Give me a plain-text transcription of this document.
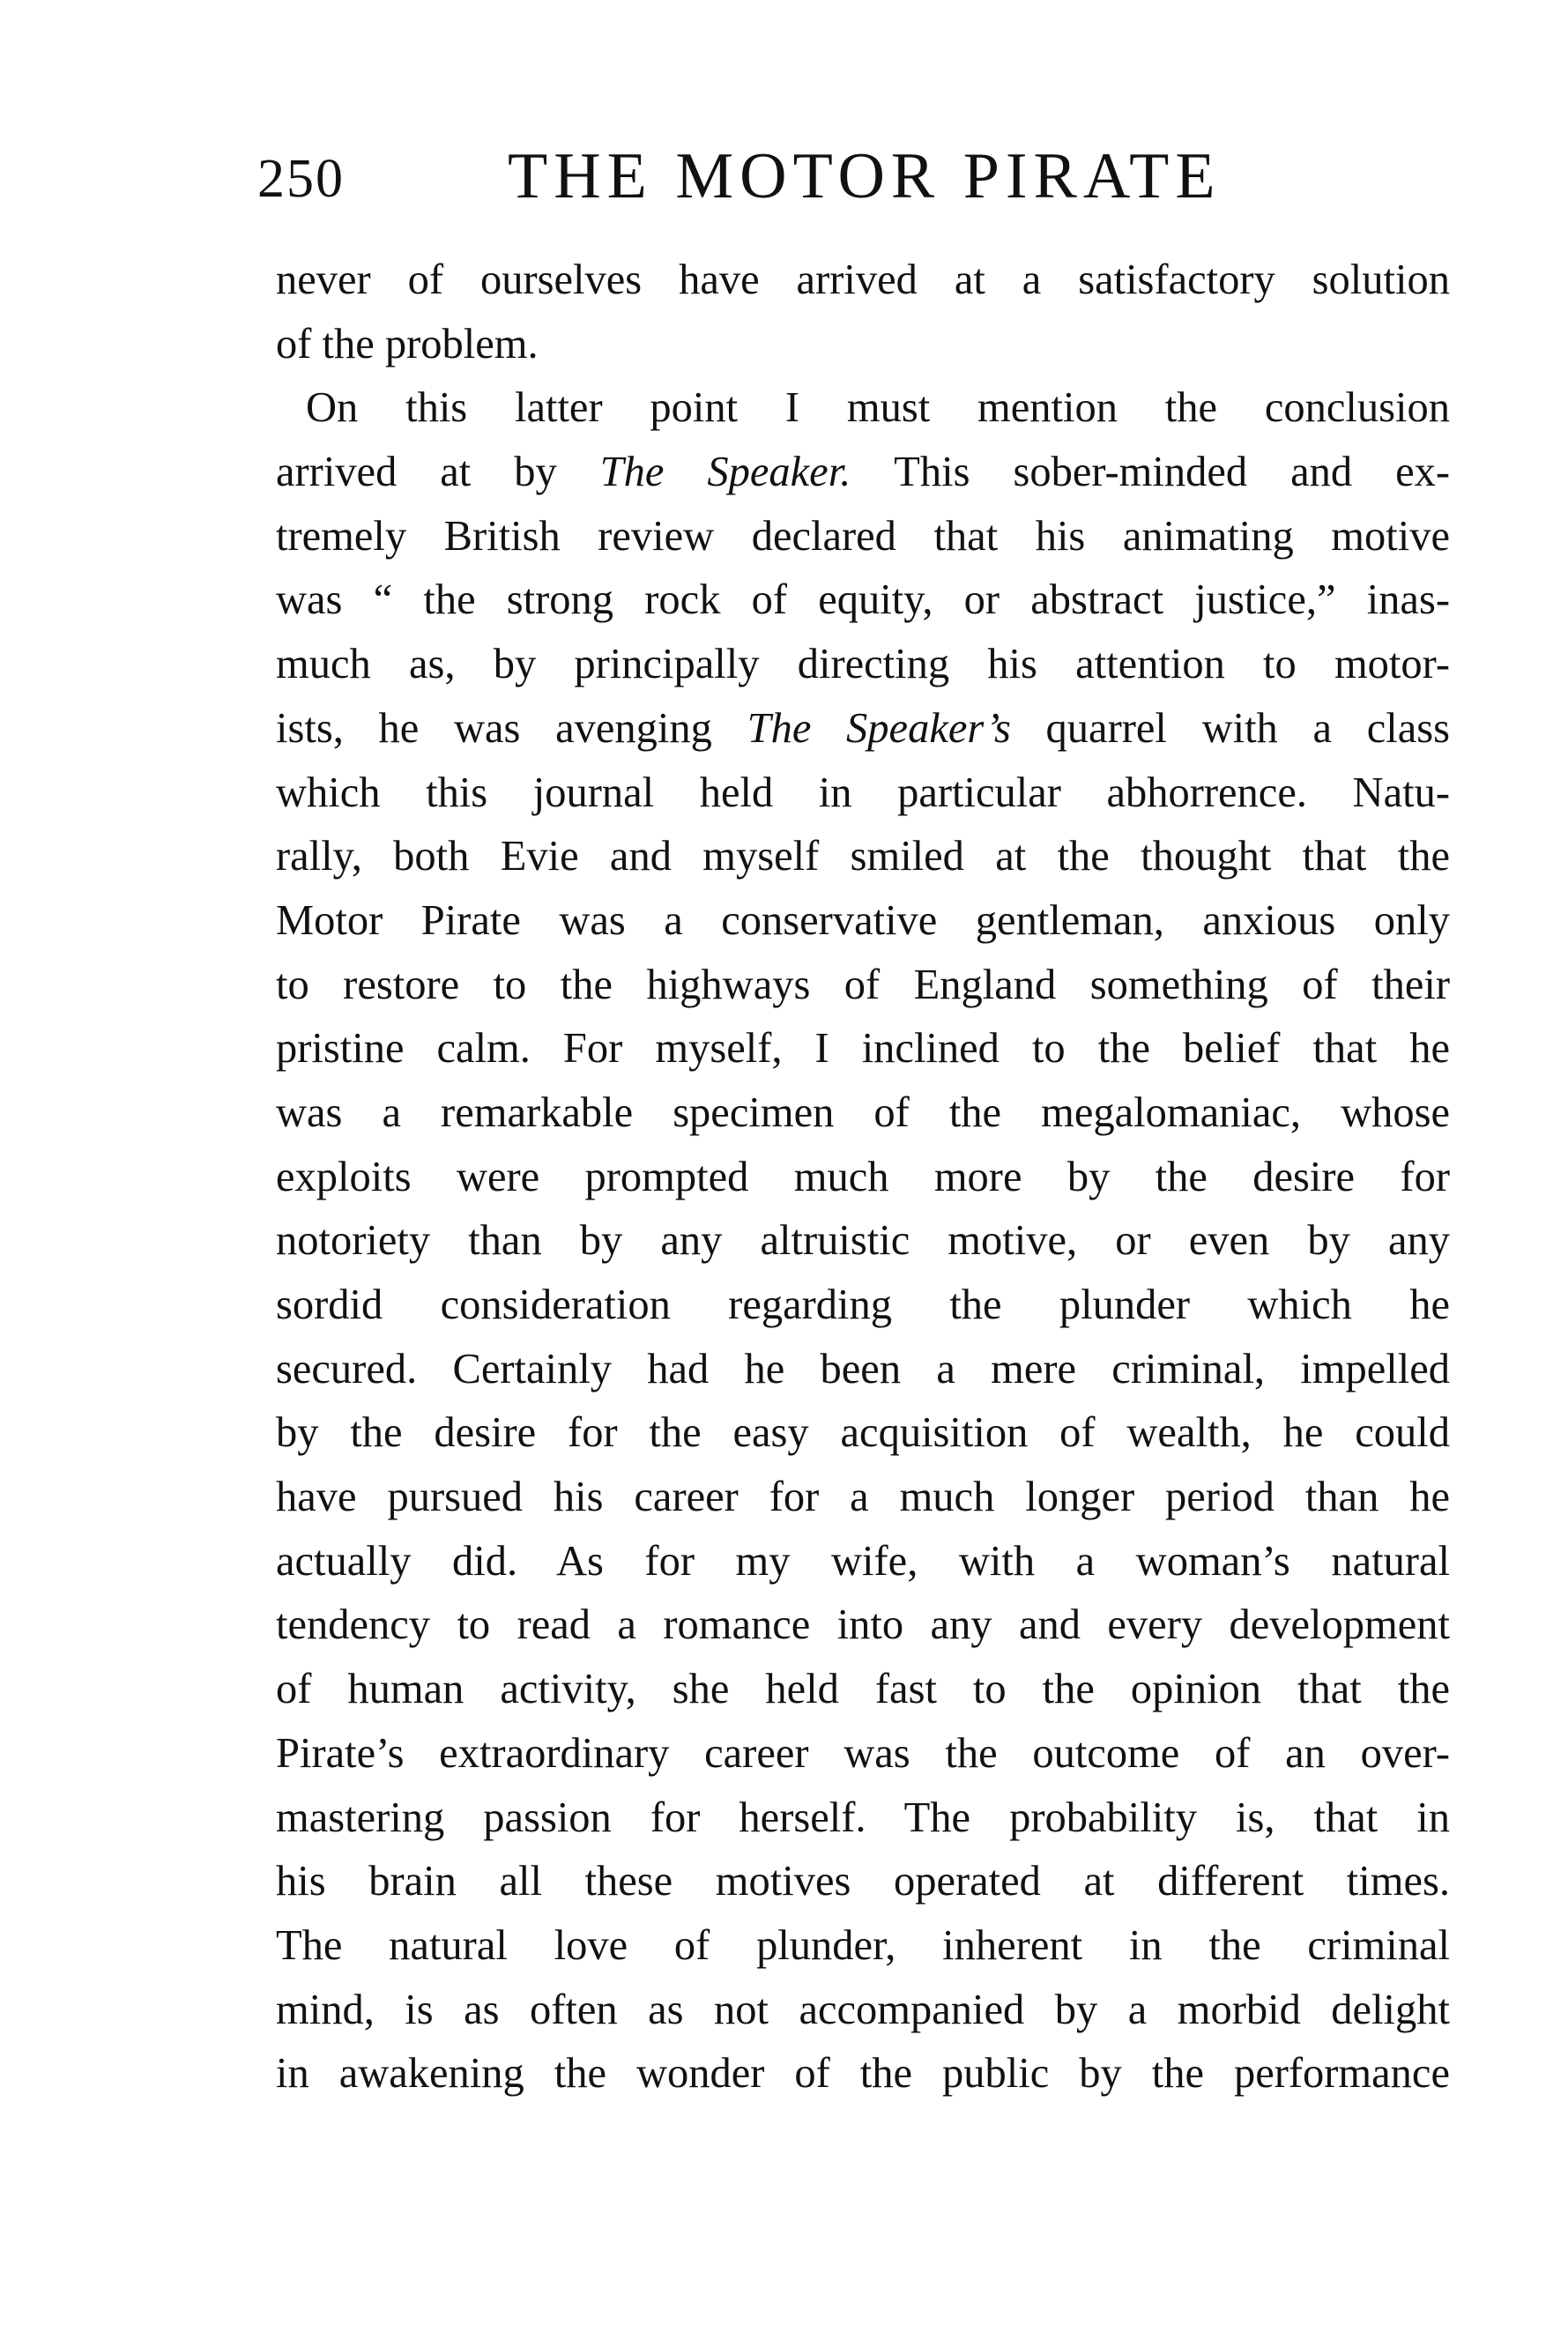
250	THE MOTOR PIRATE
never of ourselves have arrived at a satisfactory solution
of the problem.
On this latter point I must mention the conclusion
arrived at by The Speaker. This sober-minded and ex-
tremely British review declared that his animating motive
was “ the strong rock of equity, or abstract justice,” inas-
much as, by principally directing his attention to motor-
ists, he was avenging The Speaker’s quarrel with a class
which this journal held in particular abhorrence. Natu-
rally, both Evie and myself smiled at the thought that the
Motor Pirate was a conservative gentleman, anxious only
to restore to the highways of England something of their
pristine calm. For myself, I inclined to the belief that he
was a remarkable specimen of the megalomaniac, whose
exploits were prompted much more by the desire for
notoriety than by any altruistic motive, or even by any
sordid consideration regarding the plunder which he
secured. Certainly had he been a mere criminal, impelled
by the desire for the easy acquisition of wealth, he could
have pursued his career for a much longer period than he
actually did. As for my wife, with a woman’s natural
tendency to read a romance into any and every development
of human activity, she held fast to the opinion that the
Pirate’s extraordinary career was the outcome of an over-
mastering passion for herself. The probability is, that in
his brain all these motives operated at different times.
The natural love of plunder, inherent in the criminal
mind, is as often as not accompanied by a morbid delight
in awakening the wonder of the public by the performance
